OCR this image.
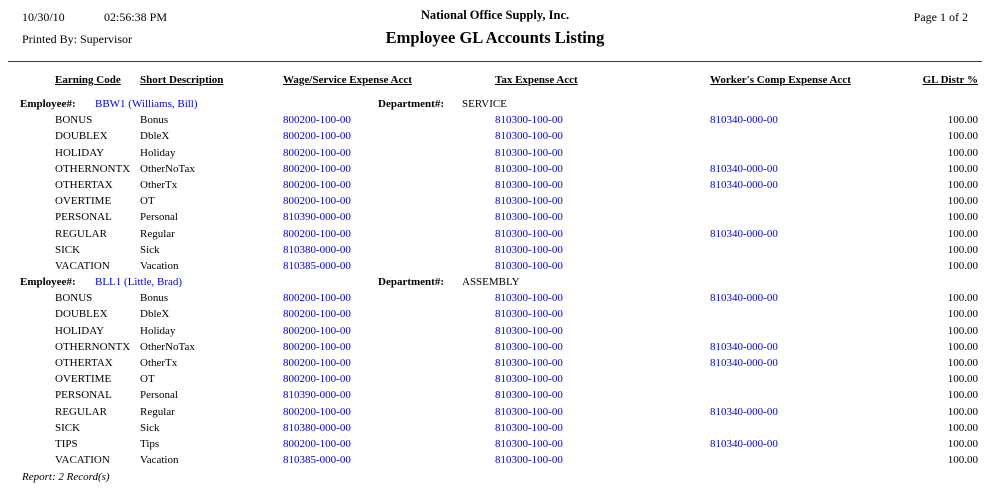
10/30/10	02:56:38 PM
Printed By: Supervisor
Page 1 of 2
National Office Supply, Inc.
Employee GL Accounts Listing
Earning Code Short Description	Wage/Service Expense Acct	Tax Expense Acct	Worker's Comp Expense Acct	GL Distr %
Employee#: BBW1 (Williams, Bill)	Department#: SERVICE
BONUS	Bonus	800200-100-00	810300-100-00	810340-000-00	100.00
DOUBLEX	DbleX	800200-100-00	810300-100-00	100.00
HOLIDAY	Holiday	800200-100-00	810300-100-00	100.00
OTHERNONTX OtherNoTax	800200-100-00	810300-100-00	810340-000-00	100.00
OTHERTAX OtherTx	800200-100-00	810300-100-00	810340-000-00	100.00
OVERTIME	OT	800200-100-00	810300-100-00	100.00
PERSONAL	Personal	810390-000-00	810300-100-00	100.00
REGULAR	Regular	800200-100-00	810300-100-00	810340-000-00	100.00
SICK	Sick	810380-000-00	810300-100-00	100.00
VACATION	Vacation	810385-000-00	810300-100-00	100.00
Employee#: BLL1 (Little, Brad)	Department#: ASSEMBLY
BONUS	Bonus	800200-100-00	810300-100-00	810340-000-00	100.00
DOUBLEX	DbleX	800200-100-00	810300-100-00	100.00
HOLIDAY	Holiday	800200-100-00	810300-100-00	100.00
OTHERNONTX OtherNoTax	800200-100-00	810300-100-00	810340-000-00	100.00
OTHERTAX OtherTx	800200-100-00	810300-100-00	810340-000-00	100.00
OVERTIME	OT	800200-100-00	810300-100-00	100.00
PERSONAL	Personal	810390-000-00	810300-100-00	100.00
REGULAR	Regular	800200-100-00	810300-100-00	810340-000-00	100.00
SICK	Sick	810380-000-00	810300-100-00	100.00
TIPS	Tips	800200-100-00	810300-100-00	810340-000-00	100.00
VACATION	Vacation	810385-000-00	810300-100-00	100.00
Report: 2 Record(s)
